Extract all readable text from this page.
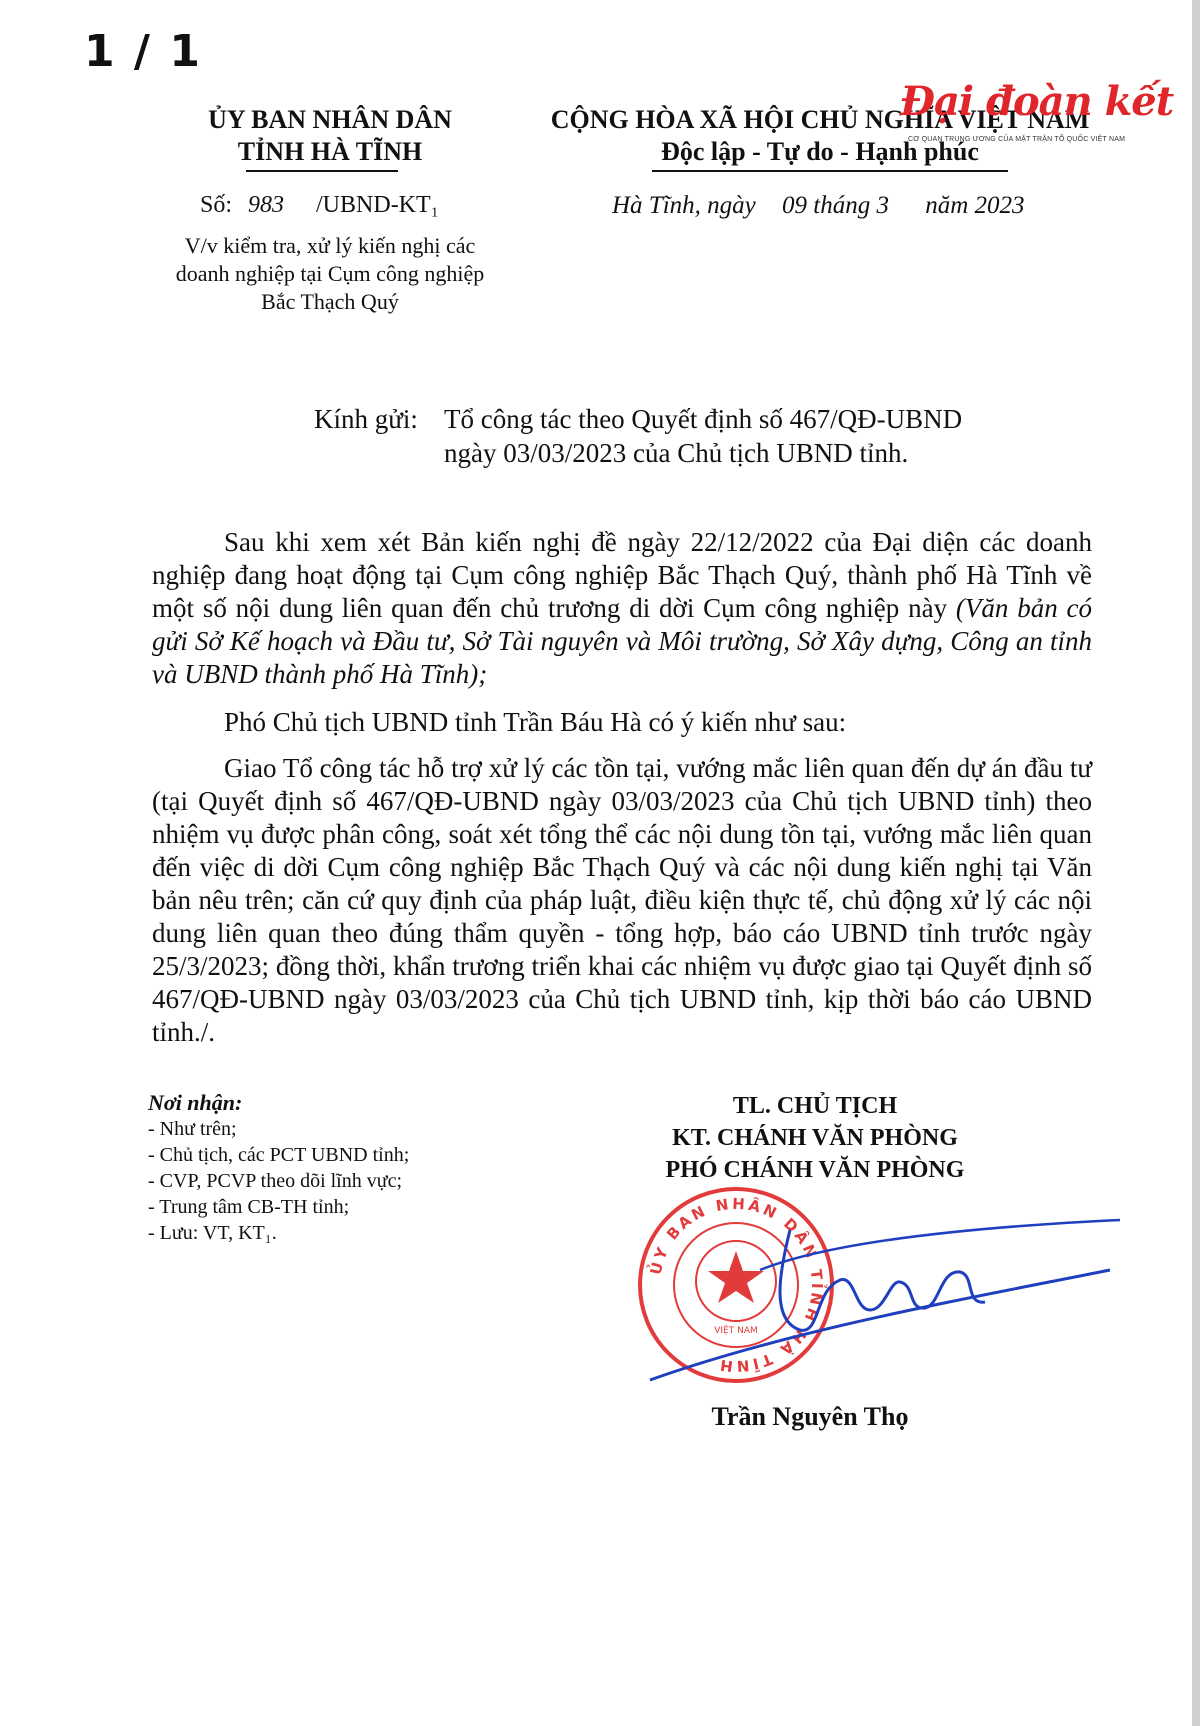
1 / 1
ỦY BAN NHÂN DÂN
TỈNH HÀ TĨNH
CỘNG HÒA XÃ HỘI CHỦ NGHĨA VIỆT NAM
Độc lập - Tự do - Hạnh phúc
Đại đoàn kết
CƠ QUAN TRUNG ƯƠNG CỦA MẶT TRẬN TỔ QUỐC VIỆT NAM
Số: 983 /UBND-KT₁	Hà Tĩnh, ngày 09 tháng 3 năm 2023
V/v kiểm tra, xử lý kiến nghị các
doanh nghiệp tại Cụm công nghiệp
Bắc Thạch Quý
Kính gửi: Tổ công tác theo Quyết định số 467/QĐ-UBND
ngày 03/03/2023 của Chủ tịch UBND tỉnh.
Sau khi xem xét Bản kiến nghị đề ngày 22/12/2022 của Đại diện các doanh nghiệp đang hoạt động tại Cụm công nghiệp Bắc Thạch Quý, thành phố Hà Tĩnh về một số nội dung liên quan đến chủ trương di dời Cụm công nghiệp này (Văn bản có gửi Sở Kế hoạch và Đầu tư, Sở Tài nguyên và Môi trường, Sở Xây dựng, Công an tỉnh và UBND thành phố Hà Tĩnh);
Phó Chủ tịch UBND tỉnh Trần Báu Hà có ý kiến như sau:
Giao Tổ công tác hỗ trợ xử lý các tồn tại, vướng mắc liên quan đến dự án đầu tư (tại Quyết định số 467/QĐ-UBND ngày 03/03/2023 của Chủ tịch UBND tỉnh) theo nhiệm vụ được phân công, soát xét tổng thể các nội dung tồn tại, vướng mắc liên quan đến việc di dời Cụm công nghiệp Bắc Thạch Quý và các nội dung kiến nghị tại Văn bản nêu trên; căn cứ quy định của pháp luật, điều kiện thực tế, chủ động xử lý các nội dung liên quan theo đúng thẩm quyền - tổng hợp, báo cáo UBND tỉnh trước ngày 25/3/2023; đồng thời, khẩn trương triển khai các nhiệm vụ được giao tại Quyết định số 467/QĐ-UBND ngày 03/03/2023 của Chủ tịch UBND tỉnh, kịp thời báo cáo UBND tỉnh./.
Nơi nhận:
- Như trên;
- Chủ tịch, các PCT UBND tỉnh;
- CVP, PCVP theo dõi lĩnh vực;
- Trung tâm CB-TH tỉnh;
- Lưu: VT, KT₁.
TL. CHỦ TỊCH
KT. CHÁNH VĂN PHÒNG
PHÓ CHÁNH VĂN PHÒNG
ỦY BAN NHÂN DÂN TỈNH HÀ TĨNH
VIỆT NAM
Trần Nguyên Thọ
